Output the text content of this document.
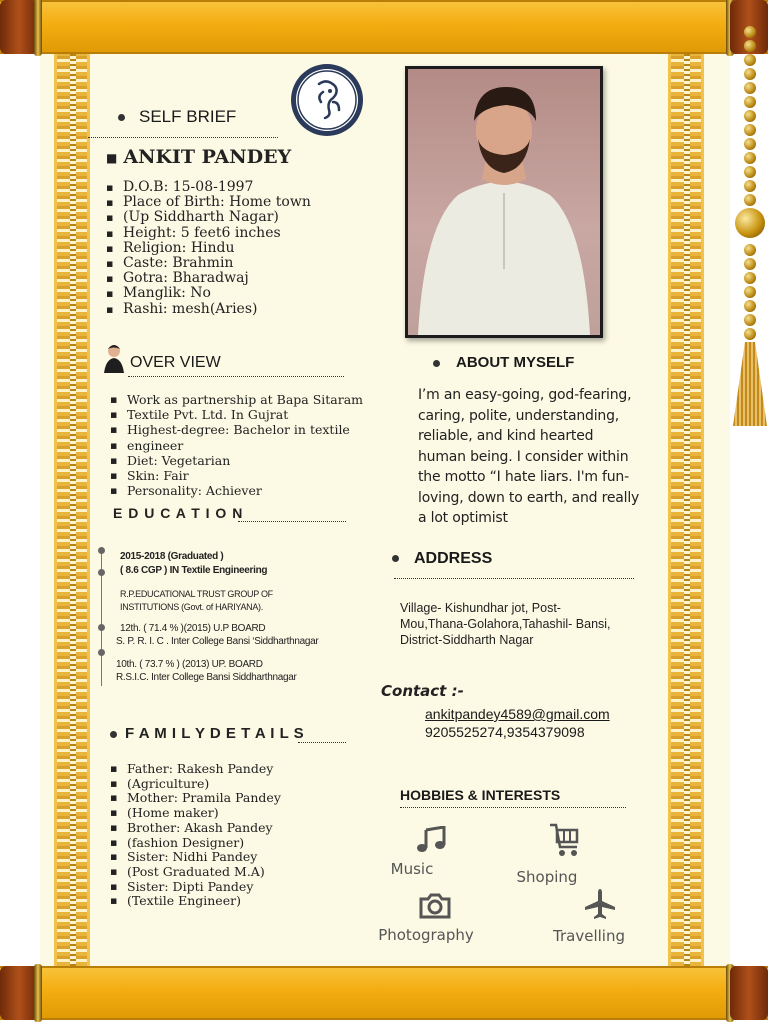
SELF BRIEF
■ ANKIT PANDEY
▪ D.O.B: 15-08-1997
▪ Place of Birth: Home town
▪ (Up Siddharth Nagar)
▪ Height: 5 feet6 inches
▪ Religion: Hindu
▪ Caste: Brahmin
▪ Gotra: Bharadwaj
▪ Manglik: No
▪ Rashi: mesh(Aries)
OVER VIEW
▪ Work as partnership at Bapa Sitaram
▪ Textile Pvt. Ltd. In Gujrat
▪ Highest-degree: Bachelor in textile
▪ engineer
▪ Diet: Vegetarian
▪ Skin: Fair
▪ Personality: Achiever
E D U C A T I O N
2015-2018 (Graduated )
( 8.6 CGP ) IN Textile Engineering
R.P.EDUCATIONAL TRUST GROUP OF
INSTITUTIONS (Govt. of HARIYANA).
12th. ( 71.4 % )(2015) U.P BOARD
S. P. R. I. C . Inter College Bansi ‘Siddharthnagar
10th. ( 73.7 % ) (2013) UP. BOARD
R.S.I.C. Inter College Bansi Siddharthnagar
F A M I L Y D E T A I L S
▪ Father: Rakesh Pandey
▪ (Agriculture)
▪ Mother: Pramila Pandey
▪ (Home maker)
▪ Brother: Akash Pandey
▪ (fashion Designer)
▪ Sister: Nidhi Pandey
▪ (Post Graduated M.A)
▪ Sister: Dipti Pandey
▪ (Textile Engineer)
ABOUT MYSELF
I’m an easy-going, god-fearing,
caring, polite, understanding,
reliable, and kind hearted
human being. I consider within
the motto “I hate liars. I'm fun-
loving, down to earth, and really
a lot optimist
ADDRESS
Village- Kishundhar jot, Post-
Mou,Thana-Golahora,Tahashil- Bansi,
District-Siddharth Nagar
Contact :-
ankitpandey4589@gmail.com
9205525274,9354379098
HOBBIES & INTERESTS
Music	Shoping
Photography	Travelling
